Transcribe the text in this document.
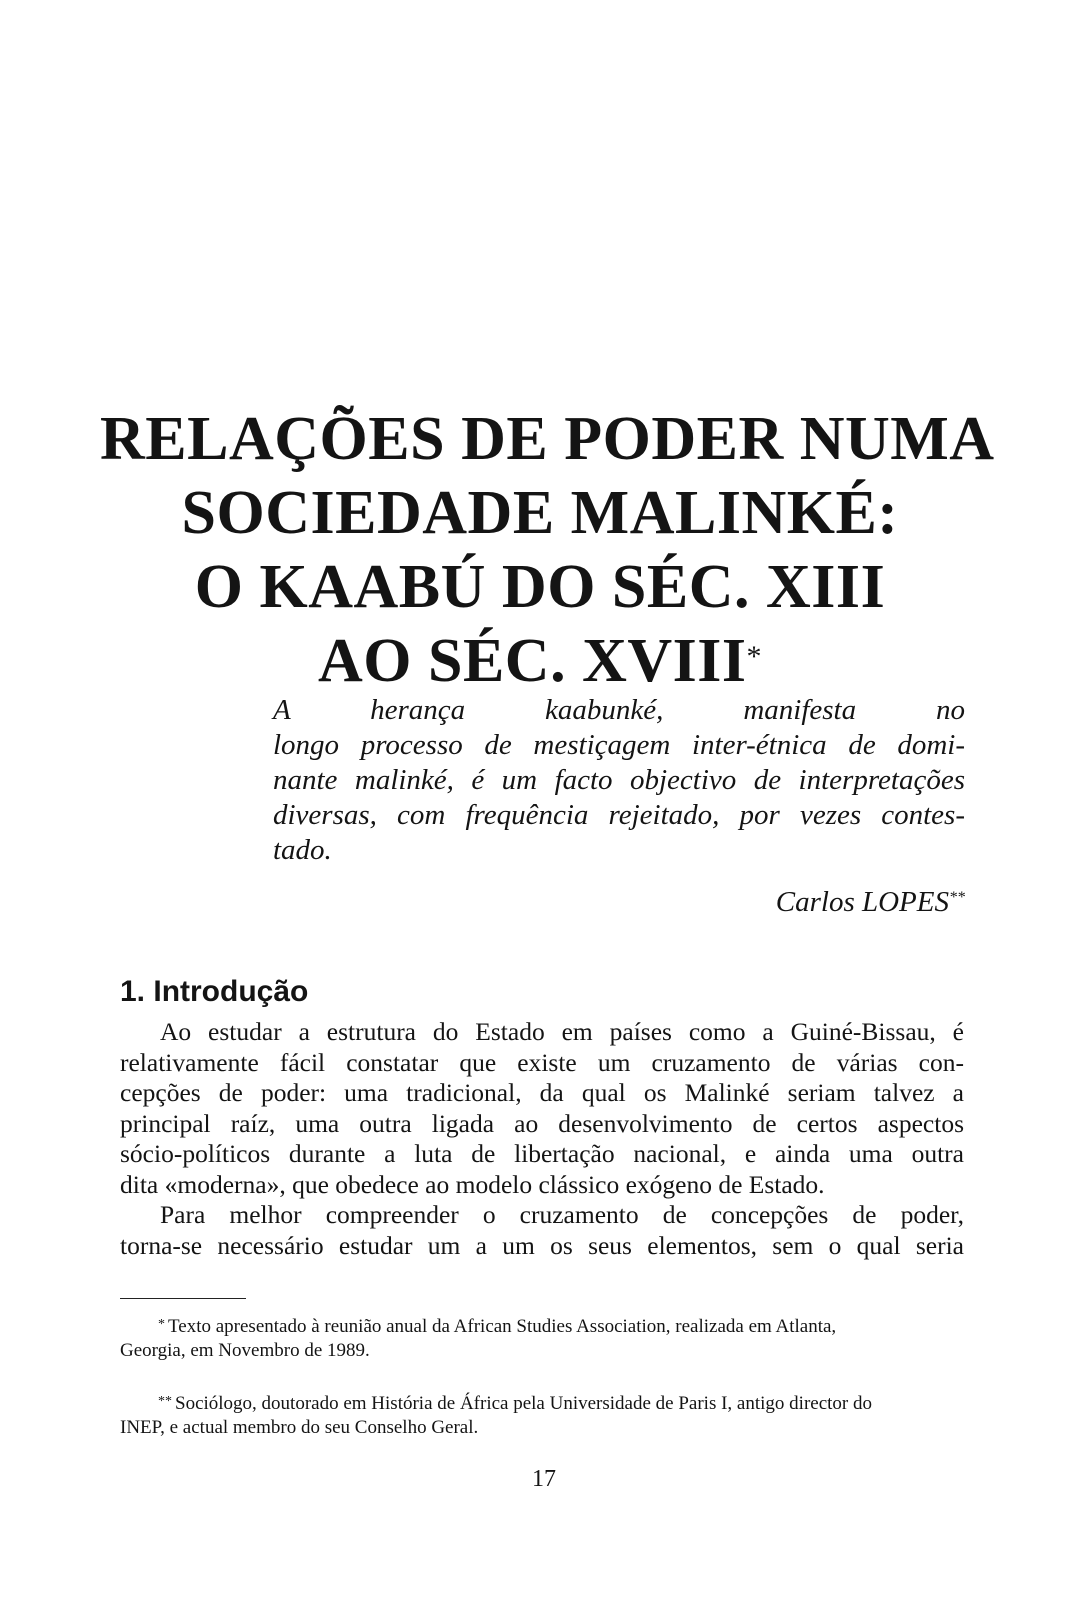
RELAÇÕES DE PODER NUMA
SOCIEDADE MALINKÉ:
O KAABÚ DO SÉC. XIII
AO SÉC. XVIII*
A herança kaabunké, manifesta no
longo processo de mestiçagem inter-étnica de domi-
nante malinké, é um facto objectivo de interpretações
diversas, com frequência rejeitado, por vezes contes-
tado.
Carlos LOPES**
1. Introdução
Ao estudar a estrutura do Estado em países como a Guiné-Bissau, é
relativamente fácil constatar que existe um cruzamento de várias con-
cepções de poder: uma tradicional, da qual os Malinké seriam talvez a
principal raíz, uma outra ligada ao desenvolvimento de certos aspectos
sócio-políticos durante a luta de libertação nacional, e ainda uma outra
dita «moderna», que obedece ao modelo clássico exógeno de Estado.
Para melhor compreender o cruzamento de concepções de poder,
torna-se necessário estudar um a um os seus elementos, sem o qual seria
* Texto apresentado à reunião anual da African Studies Association, realizada em Atlanta,
Georgia, em Novembro de 1989.
** Sociólogo, doutorado em História de África pela Universidade de Paris I, antigo director do
INEP, e actual membro do seu Conselho Geral.
17
